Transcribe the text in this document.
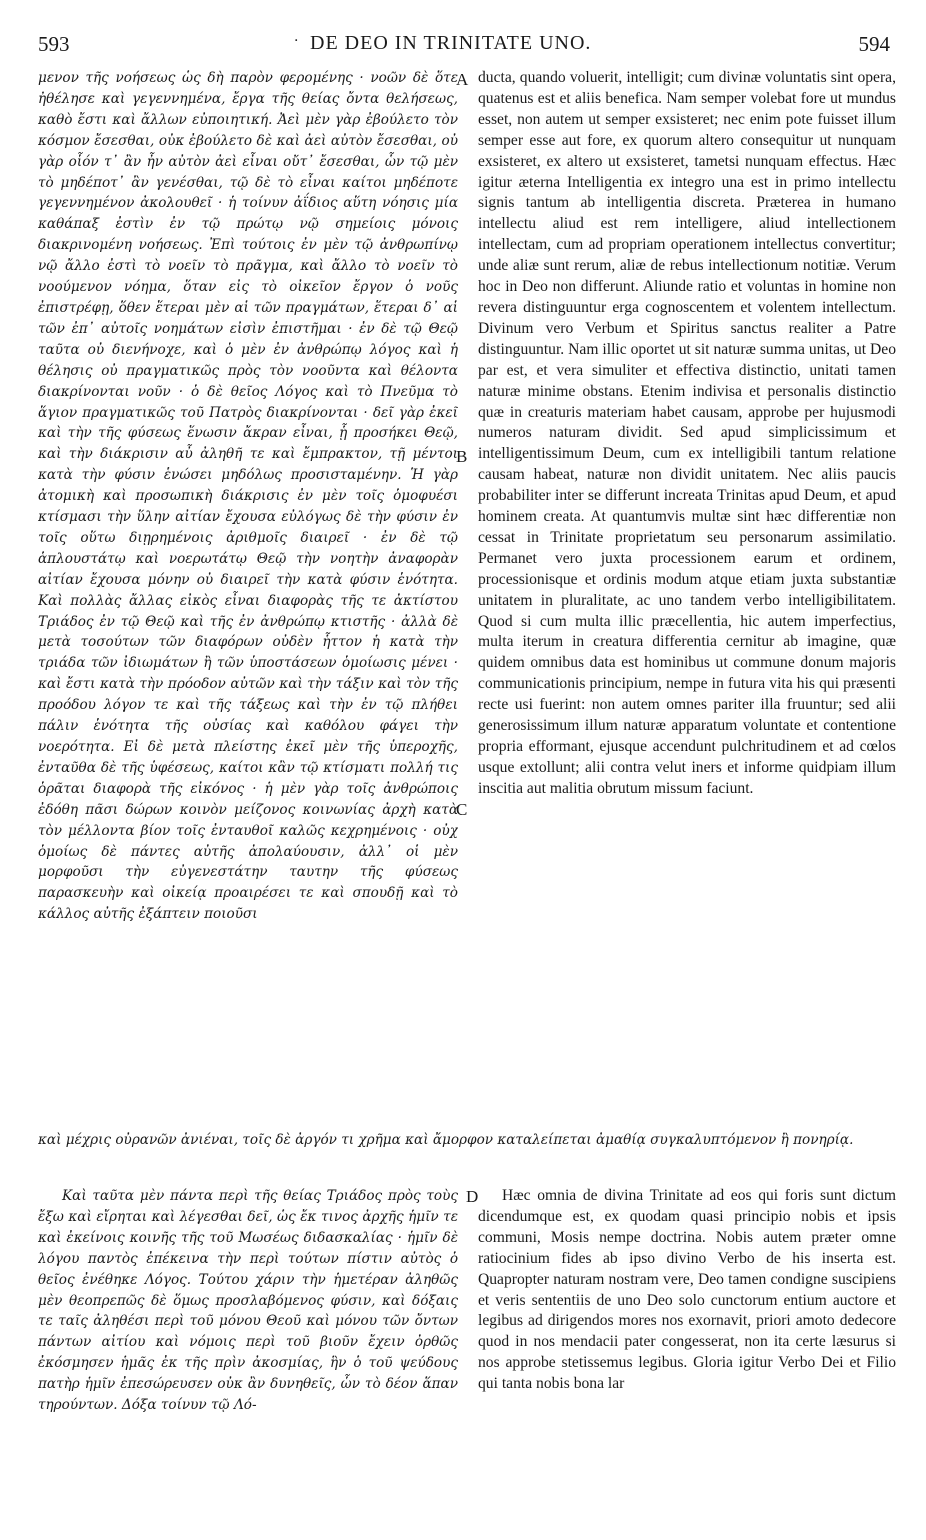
593	· DE DEO IN TRINITATE UNO.	594

μενον τῆς νοήσεως ὡς δὴ παρὸν φερομένης · νοῶν δὲ ὅτε ἠθέλησε καὶ γεγεννημένα, ἔργα τῆς θείας ὄντα θελήσεως, καθὸ ἔστι καὶ ἄλλων εὐποιητική. Ἀεὶ μὲν γὰρ ἐβούλετο τὸν κόσμον ἔσεσθαι, οὐκ ἐβούλετο δὲ καὶ ἀεὶ αὐτὸν ἔσεσθαι, οὐ γὰρ οἷόν τ᾽ ἂν ἦν αὐτὸν ἀεὶ εἶναι οὔτ᾽ ἔσεσθαι, ὧν τῷ μὲν τὸ μηδέποτ᾽ ἂν γενέσθαι, τῷ δὲ τὸ εἶναι καίτοι μηδέποτε γεγεννημένον ἀκολουθεῖ · ἡ τοίνυν ἀΐδιος αὕτη νόησις μία καθάπαξ ἐστὶν ἐν τῷ πρώτῳ νῷ σημείοις μόνοις διακρινομένη νοήσεως. Ἐπὶ τούτοις ἐν μὲν τῷ ἀνθρωπίνῳ νῷ ἄλλο ἐστὶ τὸ νοεῖν τὸ πρᾶγμα, καὶ ἄλλο τὸ νοεῖν τὸ νοούμενον νόημα, ὅταν εἰς τὸ οἰκεῖον ἔργον ὁ νοῦς ἐπιστρέφῃ, ὅθεν ἕτεραι μὲν αἱ τῶν πραγμάτων, ἕτεραι δ᾽ αἱ τῶν ἐπ᾽ αὐτοῖς νοημάτων εἰσὶν ἐπιστῆμαι · ἐν δὲ τῷ Θεῷ ταῦτα οὐ διενήνοχε, καὶ ὁ μὲν ἐν ἀνθρώπῳ λόγος καὶ ἡ θέλησις οὐ πραγματικῶς πρὸς τὸν νοοῦντα καὶ θέλοντα διακρίνονται νοῦν · ὁ δὲ θεῖος Λόγος καὶ τὸ Πνεῦμα τὸ ἅγιον πραγματικῶς τοῦ Πατρὸς διακρίνονται · δεῖ γὰρ ἐκεῖ καὶ τὴν τῆς φύσεως ἕνωσιν ἄκραν εἶναι, ᾗ προσήκει Θεῷ, καὶ τὴν διάκρισιν αὖ ἀληθῆ τε καὶ ἔμπρακτον, τῇ μέντοι κατὰ τὴν φύσιν ἑνώσει μηδόλως προσισταμένην. Ἡ γὰρ ἀτομικὴ καὶ προσωπικὴ διάκρισις ἐν μὲν τοῖς ὁμοφυέσι κτίσμασι τὴν ὕλην αἰτίαν ἔχουσα εὐλόγως δὲ τὴν φύσιν ἐν τοῖς οὕτω διῃρημένοις ἀριθμοῖς διαιρεῖ · ἐν δὲ τῷ ἁπλουστάτῳ καὶ νοερωτάτῳ Θεῷ τὴν νοητὴν ἀναφορὰν αἰτίαν ἔχουσα μόνην οὐ διαιρεῖ τὴν κατὰ φύσιν ἑνότητα. Καὶ πολλὰς ἄλλας εἰκὸς εἶναι διαφορὰς τῆς τε ἀκτίστου Τριάδος ἐν τῷ Θεῷ καὶ τῆς ἐν ἀνθρώπῳ κτιστῆς · ἀλλὰ δὲ μετὰ τοσούτων τῶν διαφόρων οὐδὲν ἧττον ἡ κατὰ τὴν τριάδα τῶν ἰδιωμάτων ἢ τῶν ὑποστάσεων ὁμοίωσις μένει · καὶ ἔστι κατὰ τὴν πρόοδον αὐτῶν καὶ τὴν τάξιν καὶ τὸν τῆς προόδου λόγον τε καὶ τῆς τάξεως καὶ τὴν ἐν τῷ πλήθει πάλιν ἑνότητα τῆς οὐσίας καὶ καθόλου φάγει τὴν νοερότητα. Εἰ δὲ μετὰ πλείστης ἐκεῖ μὲν τῆς ὑπεροχῆς, ἐνταῦθα δὲ τῆς ὑφέσεως, καίτοι κἂν τῷ κτίσματι πολλή τις ὁρᾶται διαφορὰ τῆς εἰκόνος · ἡ μὲν γὰρ τοῖς ἀνθρώποις ἐδόθη πᾶσι δώρων κοινὸν μείζονος κοινωνίας ἀρχὴ κατὰ τὸν μέλλοντα βίον τοῖς ἐνταυθοῖ καλῶς κεχρημένοις · οὐχ ὁμοίως δὲ πάντες αὐτῆς ἀπολαύουσιν, ἀλλ᾽ οἱ μὲν μορφοῦσι τὴν εὐγενεστάτην ταυτην τῆς φύσεως παρασκευὴν καὶ οἰκείᾳ προαιρέσει τε καὶ σπουδῇ καὶ τὸ κάλλος αὐτῆς ἐξάπτειν ποιοῦσι

ducta, quando voluerit, intelligit; cum divinæ voluntatis sint opera, quatenus est et aliis benefica. Nam semper volebat fore ut mundus esset, non autem ut semper exsisteret; nec enim pote fuisset illum semper esse aut fore, ex quorum altero consequitur ut nunquam exsisteret, ex altero ut exsisteret, tametsi nunquam effectus. Hæc igitur æterna Intelligentia ex integro una est in primo intellectu signis tantum ab intelligentia discreta. Præterea in humano intellectu aliud est rem intelligere, aliud intellectionem intellectam, cum ad propriam operationem intellectus convertitur; unde aliæ sunt rerum, aliæ de rebus intellectionum notitiæ. Verum hoc in Deo non differunt. Aliunde ratio et voluntas in homine non revera distinguuntur erga cognoscentem et volentem intellectum. Divinum vero Verbum et Spiritus sanctus realiter a Patre distinguuntur. Nam illic oportet ut sit naturæ summa unitas, ut Deo par est, et vera simuliter et effectiva distinctio, unitati tamen naturæ minime obstans. Etenim indivisa et personalis distinctio quæ in creaturis materiam habet causam, approbe per hujusmodi numeros naturam dividit. Sed apud simplicissimum et intelligentissimum Deum, cum ex intelligibili tantum relatione causam habeat, naturæ non dividit unitatem. Nec aliis paucis probabiliter inter se differunt increata Trinitas apud Deum, et apud hominem creata. At quantumvis multæ sint hæc differentiæ non cessat in Trinitate proprietatum seu personarum assimilatio. Permanet vero juxta processionem earum et ordinem, processionisque et ordinis modum atque etiam juxta substantiæ unitatem in pluralitate, ac uno tandem verbo intelligibilitatem. Quod si cum multa illic præcellentia, hic autem imperfectius, multa iterum in creatura differentia cernitur ab imagine, quæ quidem omnibus data est hominibus ut commune donum majoris communicationis principium, nempe in futura vita his qui præsenti recte usi fuerint: non autem omnes pariter illa fruuntur; sed alii generosissimum illum naturæ apparatum voluntate et contentione propria efformant, ejusque accendunt pulchritudinem et ad cœlos usque extollunt; alii contra velut iners et informe quidpiam illum inscitia aut malitia obrutum missum faciunt.

καὶ μέχρις οὐρανῶν ἀνιέναι, τοῖς δὲ ἀργόν τι χρῆμα καὶ ἄμορφον καταλείπεται ἀμαθίᾳ συγκαλυπτόμενον ἢ πονηρίᾳ.

Καὶ ταῦτα μὲν πάντα περὶ τῆς θείας Τριάδος πρὸς τοὺς ἔξω καὶ εἴρηται καὶ λέγεσθαι δεῖ, ὡς ἔκ τινος ἀρχῆς ἡμῖν τε καὶ ἐκείνοις κοινῆς τῆς τοῦ Μωσέως διδασκαλίας · ἡμῖν δὲ λόγου παντὸς ἐπέκεινα τὴν περὶ τούτων πίστιν αὐτὸς ὁ θεῖος ἐνέθηκε Λόγος. Τούτου χάριν τὴν ἡμετέραν ἀληθῶς μὲν θεοπρεπῶς δὲ ὅμως προσλαβόμενος φύσιν, καὶ δόξαις τε ταῖς ἀληθέσι περὶ τοῦ μόνου Θεοῦ καὶ μόνου τῶν ὄντων πάντων αἰτίου καὶ νόμοις περὶ τοῦ βιοῦν ἔχειν ὀρθῶς ἐκόσμησεν ἡμᾶς ἐκ τῆς πρὶν ἀκοσμίας, ἣν ὁ τοῦ ψεύδους πατὴρ ἡμῖν ἐπεσώρευσεν οὐκ ἂν δυνηθεῖς, ὧν τὸ δέον ἅπαν τηρούντων. Δόξα τοίνυν τῷ Λό-

Hæc omnia de divina Trinitate ad eos qui foris sunt dictum dicendumque est, ex quodam quasi principio nobis et ipsis communi, Mosis nempe doctrina. Nobis autem præter omne ratiocinium fides ab ipso divino Verbo de his inserta est. Quapropter naturam nostram vere, Deo tamen condigne suscipiens et veris sententiis de uno Deo solo cunctorum entium auctore et legibus ad dirigendos mores nos exornavit, priori amoto dedecore quod in nos mendacii pater congesserat, non ita certe læsurus si nos approbe stetissemus legibus. Gloria igitur Verbo Dei et Filio qui tanta nobis bona lar

A
B
C
D
